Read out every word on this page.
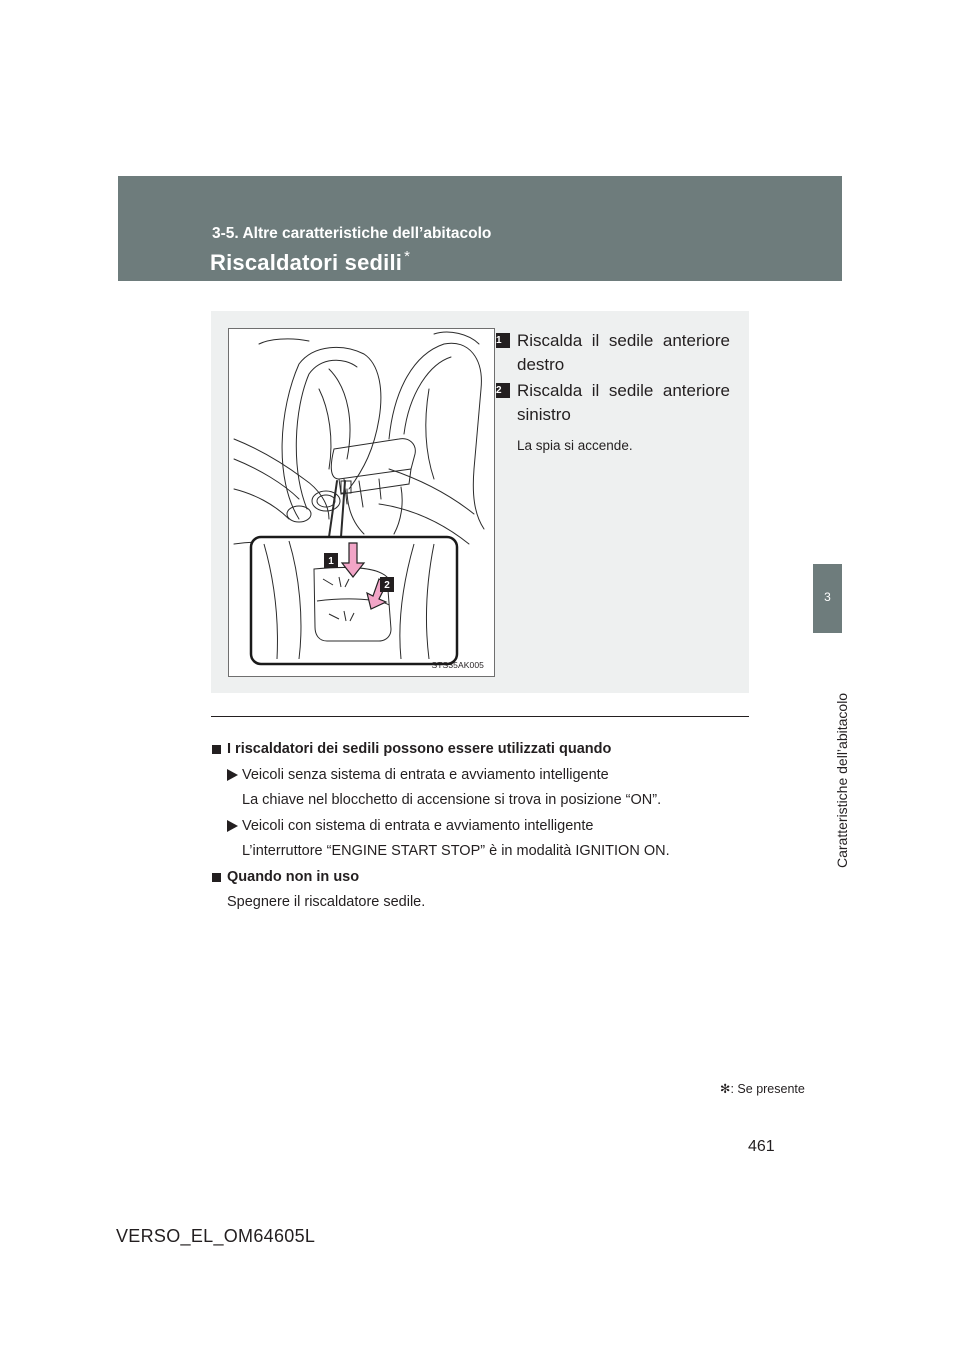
3-5. Altre caratteristiche dell’abitacolo
Riscaldatori sedili *
3
Caratteristiche dell’abitacolo
1
2
STS35AK005
1 Riscalda il sedile anteriore destro
2 Riscalda il sedile anteriore sinistro
La spia si accende.
I riscaldatori dei sedili possono essere utilizzati quando
Veicoli senza sistema di entrata e avviamento intelligente
La chiave nel blocchetto di accensione si trova in posizione “ON”.
Veicoli con sistema di entrata e avviamento intelligente
L’interruttore “ENGINE START STOP” è in modalità IGNITION ON.
Quando non in uso
Spegnere il riscaldatore sedile.
✻: Se presente
461
VERSO_EL_OM64605L
